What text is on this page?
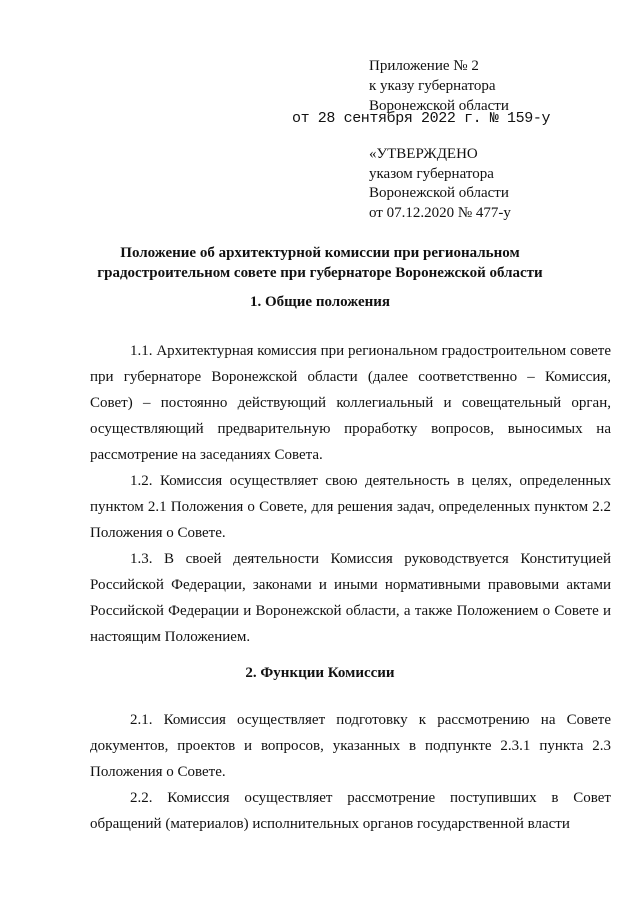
Приложение № 2
к указу губернатора
Воронежской области
от 28 сентября 2022 г. № 159-у
«УТВЕРЖДЕНО
указом губернатора
Воронежской области
от 07.12.2020 № 477-у
Положение об архитектурной комиссии при региональном градостроительном совете при губернаторе Воронежской области
1. Общие положения

1.1. Архитектурная комиссия при региональном градостроительном совете при губернаторе Воронежской области (далее соответственно – Комиссия, Совет) – постоянно действующий коллегиальный и совещательный орган, осуществляющий предварительную проработку вопросов, выносимых на рассмотрение на заседаниях Совета.

1.2. Комиссия осуществляет свою деятельность в целях, определенных пунктом 2.1 Положения о Совете, для решения задач, определенных пунктом 2.2 Положения о Совете.

1.3. В своей деятельности Комиссия руководствуется Конституцией Российской Федерации, законами и иными нормативными правовыми актами Российской Федерации и Воронежской области, а также Положением о Совете и настоящим Положением.

2. Функции Комиссии

2.1. Комиссия осуществляет подготовку к рассмотрению на Совете документов, проектов и вопросов, указанных в подпункте 2.3.1 пункта 2.3 Положения о Совете.

2.2. Комиссия осуществляет рассмотрение поступивших в Совет обращений (материалов) исполнительных органов государственной власти
